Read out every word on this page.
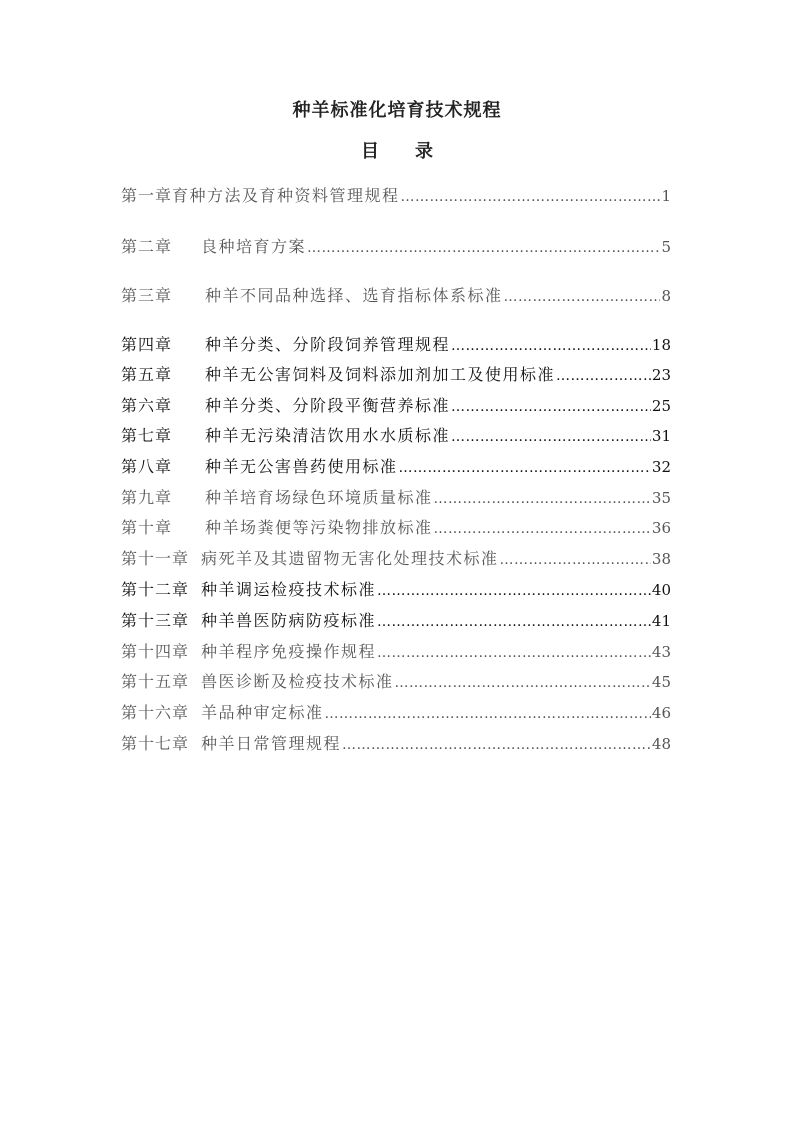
种羊标准化培育技术规程
目 录
第一章 育种方法及育种资料管理规程 ……………………………………………………………………………………………………………………………………	1
第二章	良种培育方案 ……………………………………………………………………………………………………………………………………	5
第三章	种羊不同品种选择、选育指标体系标准 ……………………………………………………………………………………………………………………………………	8
第四章	种羊分类、分阶段饲养管理规程 ……………………………………………………………………………………………………………………………………	18
第五章	种羊无公害饲料及饲料添加剂加工及使用标准 ……………………………………………………………………………………………………………………………………	23
第六章	种羊分类、分阶段平衡营养标准 ……………………………………………………………………………………………………………………………………	25
第七章	种羊无污染清洁饮用水水质标准 ……………………………………………………………………………………………………………………………………	31
第八章	种羊无公害兽药使用标准 ……………………………………………………………………………………………………………………………………	32
第九章	种羊培育场绿色环境质量标准 ……………………………………………………………………………………………………………………………………	35
第十章	种羊场粪便等污染物排放标准 ……………………………………………………………………………………………………………………………………	36
第十一章 病死羊及其遗留物无害化处理技术标准 ……………………………………………………………………………………………………………………………………	38
第十二章 种羊调运检疫技术标准 ……………………………………………………………………………………………………………………………………	40
第十三章 种羊兽医防病防疫标准 ……………………………………………………………………………………………………………………………………	41
第十四章 种羊程序免疫操作规程 ……………………………………………………………………………………………………………………………………	43
第十五章 兽医诊断及检疫技术标准 ……………………………………………………………………………………………………………………………………	45
第十六章 羊品种审定标准 ……………………………………………………………………………………………………………………………………	46
第十七章 种羊日常管理规程 ……………………………………………………………………………………………………………………………………	48
